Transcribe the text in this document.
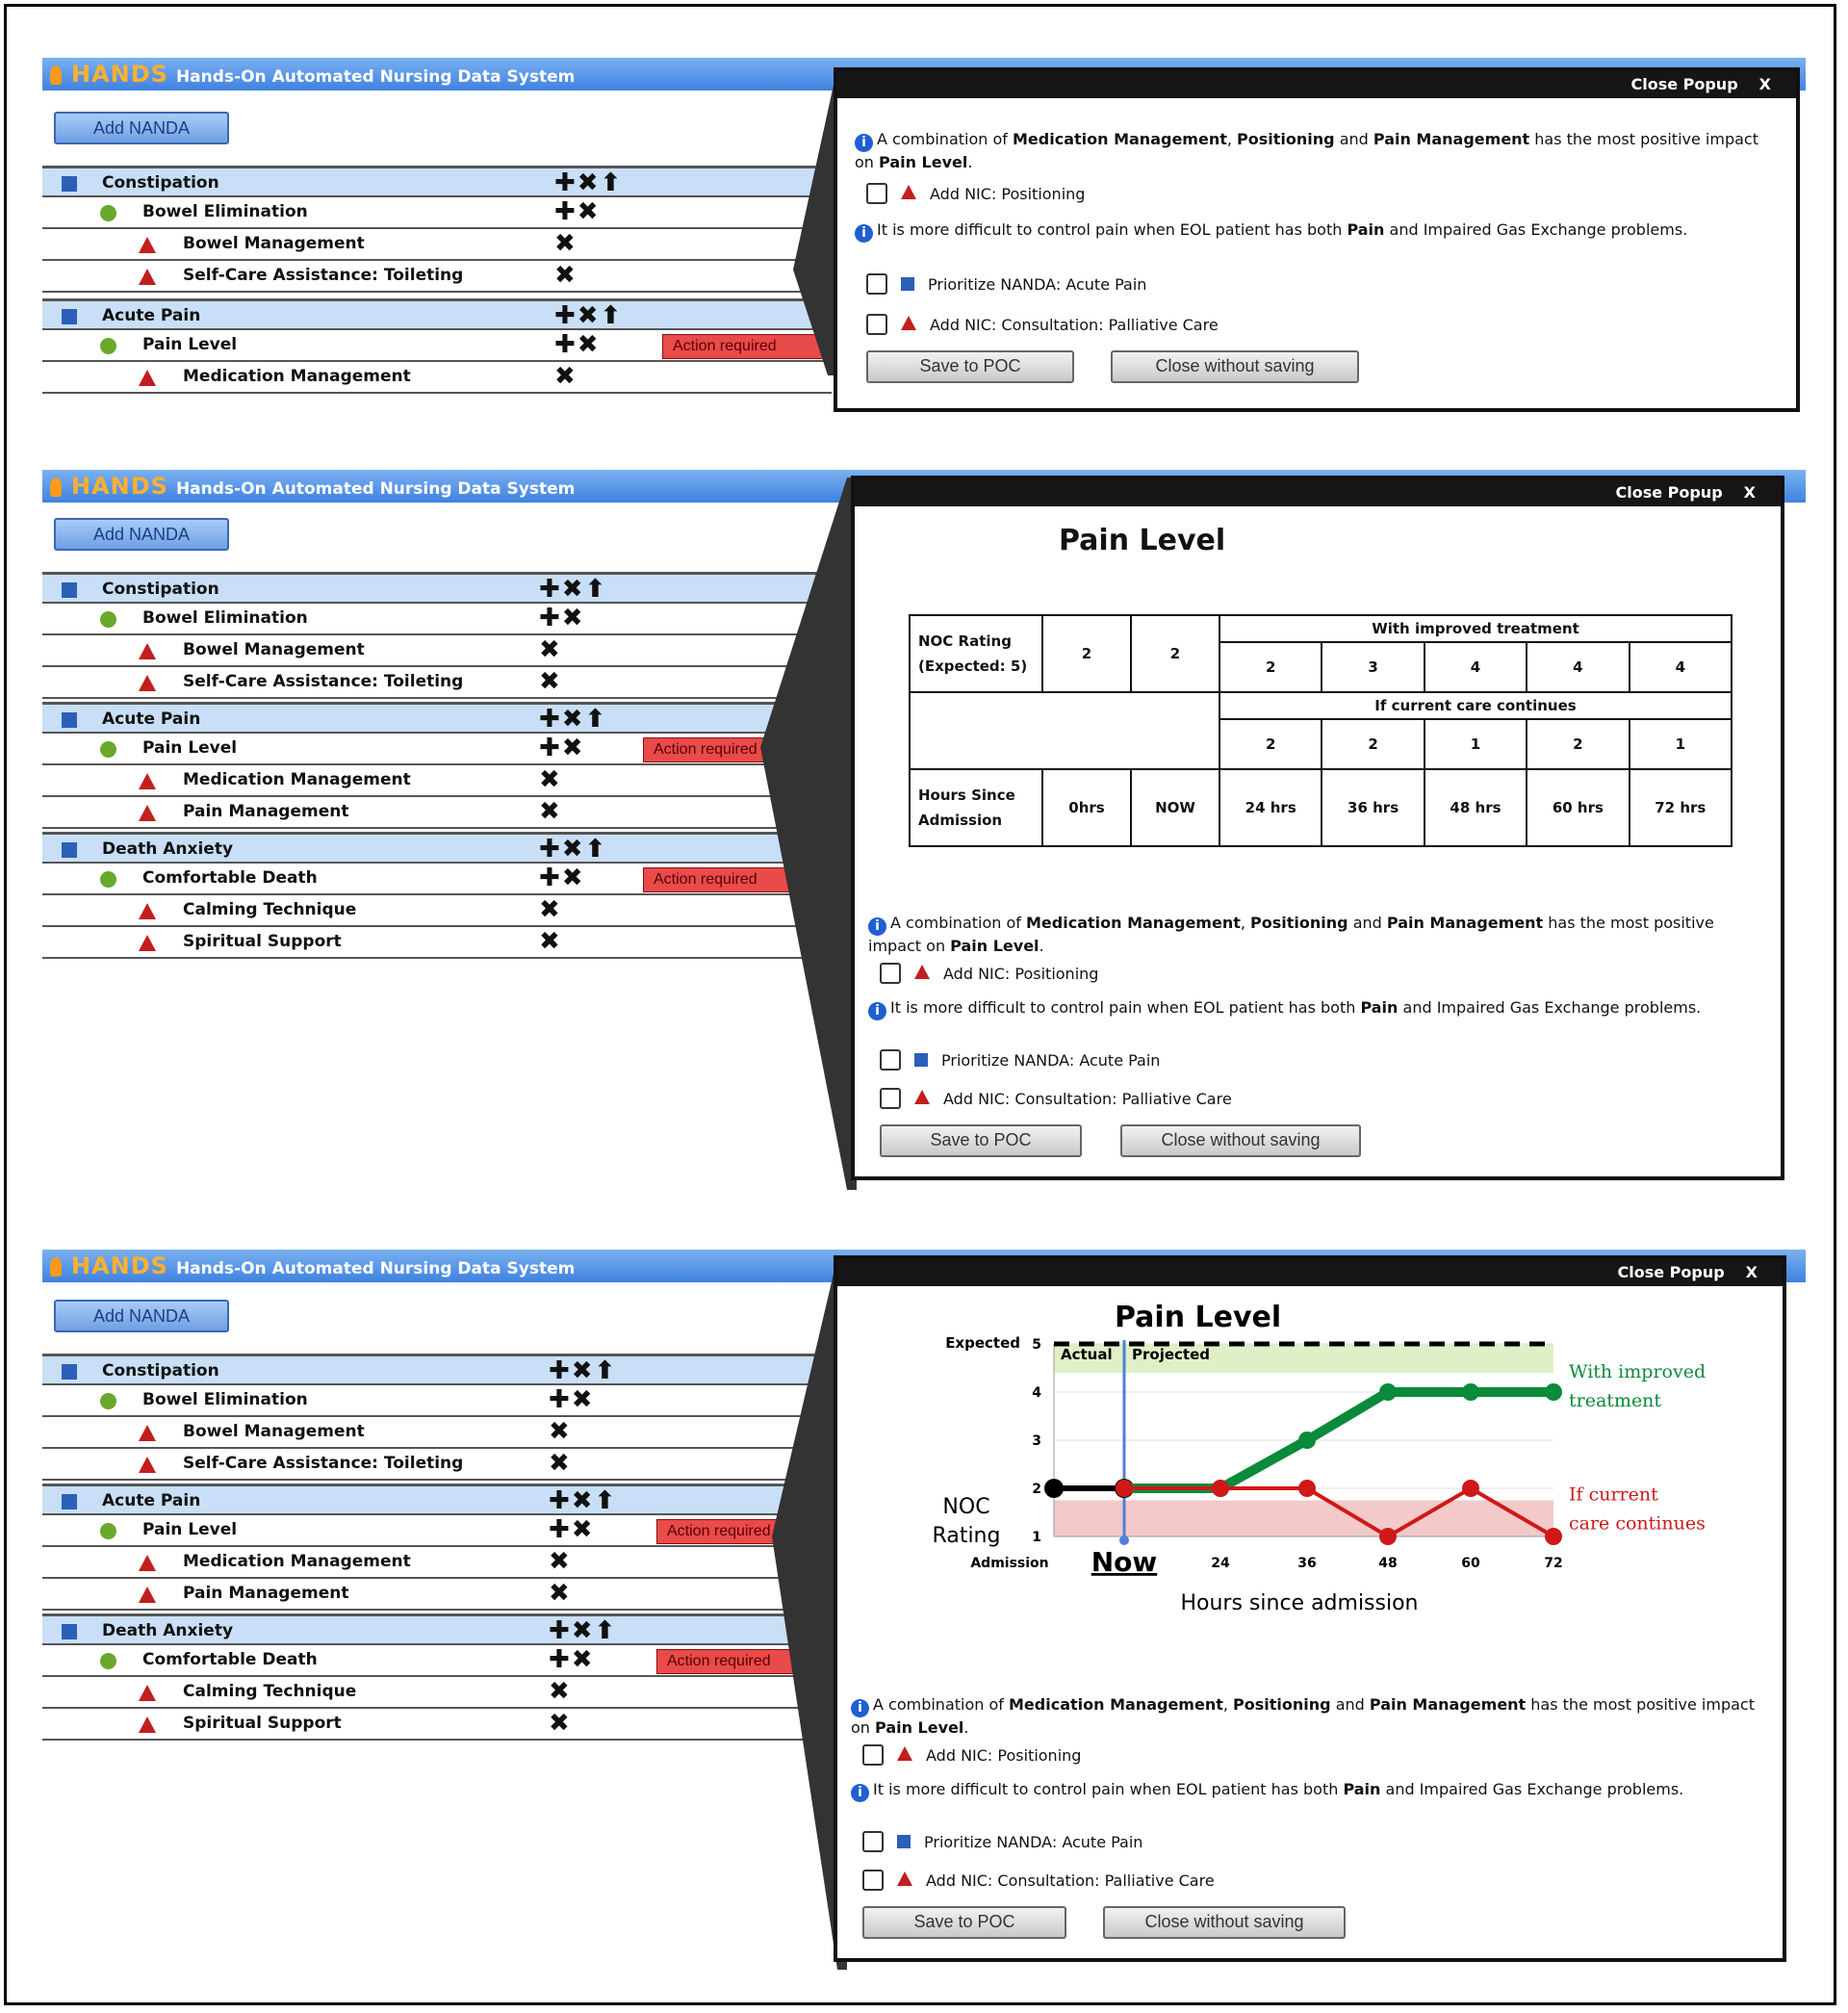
HANDS Hands-On Automated Nursing Data System
Add NANDA
Constipation	✚✖⬆
Bowel Elimination	✚✖
Bowel Management	✖
Self-Care Assistance: Toileting	✖
Acute Pain	✚✖⬆
Pain Level	✚✖	Action required
Medication Management	✖
Close Popup X
i A combination of Medication Management, Positioning and Pain Management has the most positive impact on Pain Level.
Add NIC: Positioning
i It is more difficult to control pain when EOL patient has both Pain and Impaired Gas Exchange problems.
Prioritize NANDA: Acute Pain
Add NIC: Consultation: Palliative Care
Save to POC	Close without saving
HANDS Hands-On Automated Nursing Data System
Add NANDA
Constipation	✚✖⬆
Bowel Elimination	✚✖
Bowel Management	✖
Self-Care Assistance: Toileting	✖
Acute Pain	✚✖⬆
Pain Level	✚✖	Action required
Medication Management	✖
Pain Management	✖
Death Anxiety	✚✖⬆
Comfortable Death	✚✖	Action required
Calming Technique	✖
Spiritual Support	✖
Close Popup X
Pain Level
NOC Rating (Expected: 5)	2	2	With improved treatment				
			2	3	4	4	4
			If current care continues				
			2	2	1	2	1
Hours Since Admission	0hrs	NOW	24 hrs	36 hrs	48 hrs	60 hrs	72 hrs
i A combination of Medication Management, Positioning and Pain Management has the most positive impact on Pain Level.
Add NIC: Positioning
i It is more difficult to control pain when EOL patient has both Pain and Impaired Gas Exchange problems.
Prioritize NANDA: Acute Pain
Add NIC: Consultation: Palliative Care
Save to POC	Close without saving
HANDS Hands-On Automated Nursing Data System
Add NANDA
Constipation	✚✖⬆
Bowel Elimination	✚✖
Bowel Management	✖
Self-Care Assistance: Toileting	✖
Acute Pain	✚✖⬆
Pain Level	✚✖	Action required
Medication Management	✖
Pain Management	✖
Death Anxiety	✚✖⬆
Comfortable Death	✚✖	Action required
Calming Technique	✖
Spiritual Support	✖
Close Popup X
1
2
3
4
5
Expected
Actual Projected
Admission Now	24	36	48	60	72
With improved treatment
If current care continues
Pain Level
Hours since admission
NOC Rating
i A combination of Medication Management, Positioning and Pain Management has the most positive impact on Pain Level.
Add NIC: Positioning
i It is more difficult to control pain when EOL patient has both Pain and Impaired Gas Exchange problems.
Prioritize NANDA: Acute Pain
Add NIC: Consultation: Palliative Care
Save to POC	Close without saving
